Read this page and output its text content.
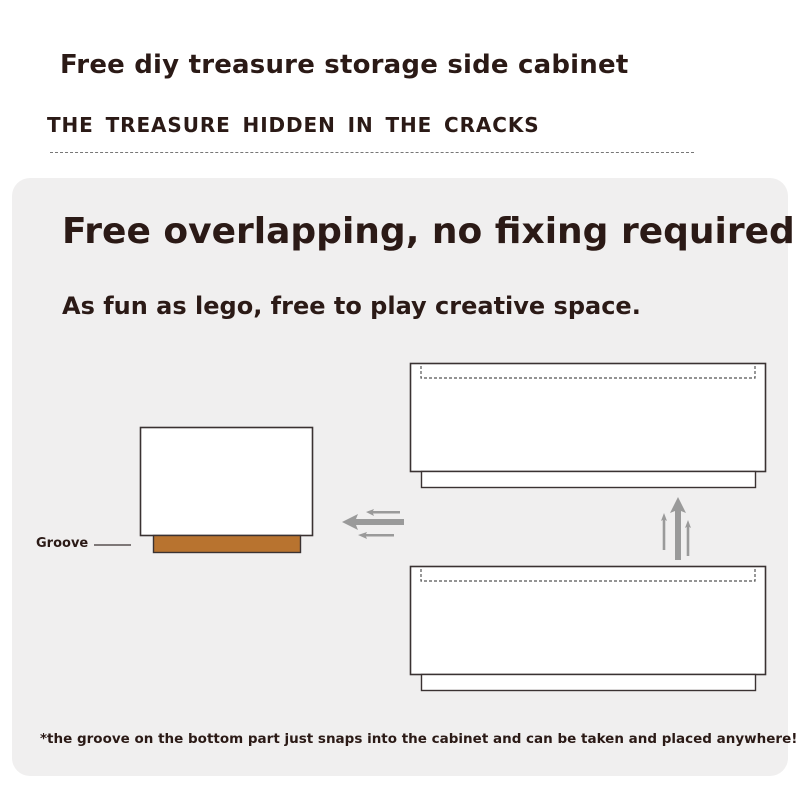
Free diy treasure storage side cabinet
THE TREASURE HIDDEN IN THE CRACKS
Free overlapping, no fixing required
As fun as lego, free to play creative space.
Groove
*the groove on the bottom part just snaps into the cabinet and can be taken and placed anywhere!
